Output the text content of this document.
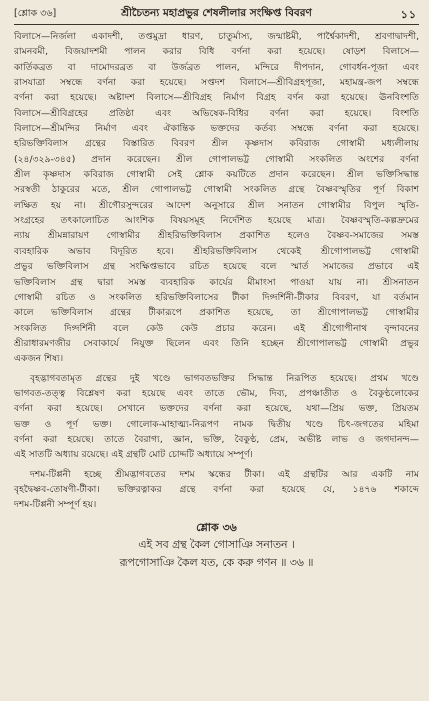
[শ্লোক ৩৬]	শ্রীচৈতন্য মহাপ্রভুর শেষলীলার সংক্ষিপ্ত বিবরণ	১১
বিলাসে—নির্জলা একাদশী, তপ্তমুদ্রা ধারণ, চাতুর্মাস্য, জন্মাষ্টমী, পার্শ্বৈকাদশী, শ্রবণাদ্বাদশী,
রামনবমী, বিজয়াদশমী পালন করার বিধি বর্ণনা করা হয়েছে। ষোড়শ বিলাসে—
কার্তিকব্রত বা দামোদরব্রত বা উর্জব্রত পালন, মন্দিরে দীপদান, গোবর্ধন-পূজা এবং
রাসযাত্রা সম্বন্ধে বর্ণনা করা হয়েছে। সপ্তদশ বিলাসে—শ্রীবিগ্রহপূজা, মহামন্ত্র-জপ সম্বন্ধে
বর্ণনা করা হয়েছে। অষ্টাদশ বিলাসে—শ্রীবিগ্রহ নির্মাণ বিগ্রহ বর্ণন করা হয়েছে। ঊনবিংশতি
বিলাসে—শ্রীবিগ্রহের প্রতিষ্ঠা এবং অভিষেক-বিধির বর্ণনা করা হয়েছে। বিংশতি
বিলাসে—শ্রীমন্দির নির্মাণ এবং ঐকান্তিক ভক্তদের কর্তব্য সম্বন্ধে বর্ণনা করা হয়েছে।
হরিভক্তিবিলাস গ্রন্থের বিস্তারিত বিবরণ শ্রীল কৃষ্ণদাস কবিরাজ গোস্বামী মধ্যলীলায়
(২৪/৩২৯-৩৪৫) প্রদান করেছেন। শ্রীল গোপালভট্ট গোস্বামী সংকলিত অংশের বর্ণনা
শ্রীল কৃষ্ণদাস কবিরাজ গোস্বামী সেই শ্লোক কয়টিতে প্রদান করেছেন। শ্রীল ভক্তিসিদ্ধান্ত
সরস্বতী ঠাকুরের মতে, শ্রীল গোপালভট্ট গোস্বামী সংকলিত গ্রন্থে বৈষ্ণবস্মৃতির পূর্ণ বিকাশ
লক্ষিত হয় না। শ্রীগৌরসুন্দরের আদেশ অনুসারে শ্রীল সনাতন গোস্বামীর বিপুল স্মৃতি-
সংগ্রহের তৎকালোচিত আংশিক বিষয়সমূহ নির্দেশিত হয়েছে মাত্র। বৈষ্ণবস্মৃতি-কল্পদ্রুমের
ন্যায় শ্রীমন্নারায়ণ গোস্বামীর শ্রীহরিভক্তিবিলাস প্রকাশিত হলেও বৈষ্ণব-সমাজের সমস্ত
ব্যবহারিক অভাব বিদূরিত হবে। শ্রীহরিভক্তিবিলাস থেকেই শ্রীগোপালভট্ট গোস্বামী
প্রভুর ভক্তিবিলাস গ্রন্থ সংক্ষিপ্তভাবে রচিত হয়েছে বলে স্মার্ত সমাজের প্রভাবে এই
ভক্তিবিলাস গ্রন্থ দ্বারা সমস্ত ব্যবহারিক কার্যের মীমাংসা পাওয়া যায় না। শ্রীসনাতন
গোস্বামী রচিত ও সংকলিত হরিভক্তিবিলাসের টীকা দিগ্দর্শিনী-টীকার বিবরণ, যা বর্তমান
কালে ভক্তিবিলাস গ্রন্থের টীকারূপে প্রকাশিত হয়েছে, তা শ্রীগোপালভট্ট গোস্বামীর
সংকলিত দিগ্দর্শিনী বলে কেউ কেউ প্রচার করেন। এই শ্রীগোপীনাথ বৃন্দাবনের
শ্রীরাধারমণজীর সেবাকার্যে নিযুক্ত ছিলেন এবং তিনি হচ্ছেন শ্রীগোপালভট্ট গোস্বামী প্রভুর
একজন শিষ্য।
বৃহদ্ভাগবতামৃত গ্রন্থের দুই খণ্ডে ভাগবতভক্তির সিদ্ধান্ত নিরূপিত হয়েছে। প্রথম খণ্ডে
ভাগবত-তত্ত্ব বিশ্লেষণ করা হয়েছে এবং তাতে ভৌম, দিব্য, প্রপঞ্চাতীত ও বৈকুণ্ঠলোকের
বর্ণনা করা হয়েছে। সেখানে ভক্তদের বর্ণনা করা হয়েছে, যথা—প্রিয় ভক্ত, প্রিয়তম
ভক্ত ও পূর্ণ ভক্ত। গোলোক-মাহাত্ম্য-নিরূপণ নামক দ্বিতীয় খণ্ডে চিৎ-জগতের মহিমা
বর্ণনা করা হয়েছে। তাতে বৈরাগ্য, জ্ঞান, ভক্তি, বৈকুণ্ঠ, প্রেম, অভীষ্ট লাভ ও জগদানন্দ—
এই সাতটি অধ্যায় রয়েছে। এই গ্রন্থটি মোট চোদ্দটি অধ্যায়ে সম্পূর্ণ।
দশম-টিপ্পনী হচ্ছে শ্রীমদ্ভাগবতের দশম স্কন্ধের টীকা। এই গ্রন্থটির আর একটি নাম
বৃহদ্বৈষ্ণব-তোষণী-টীকা। ভক্তিরত্নাকর গ্রন্থে বর্ণনা করা হয়েছে যে, ১৪৭৬ শকাব্দে
দশম-টিপ্পনী সম্পূর্ণ হয়।
শ্লোক ৩৬
এই সব গ্রন্থ কৈল গোসাঞি সনাতন ।
রূপগোসাঞি কৈল যত, কে করু গণন ॥ ৩৬ ॥
